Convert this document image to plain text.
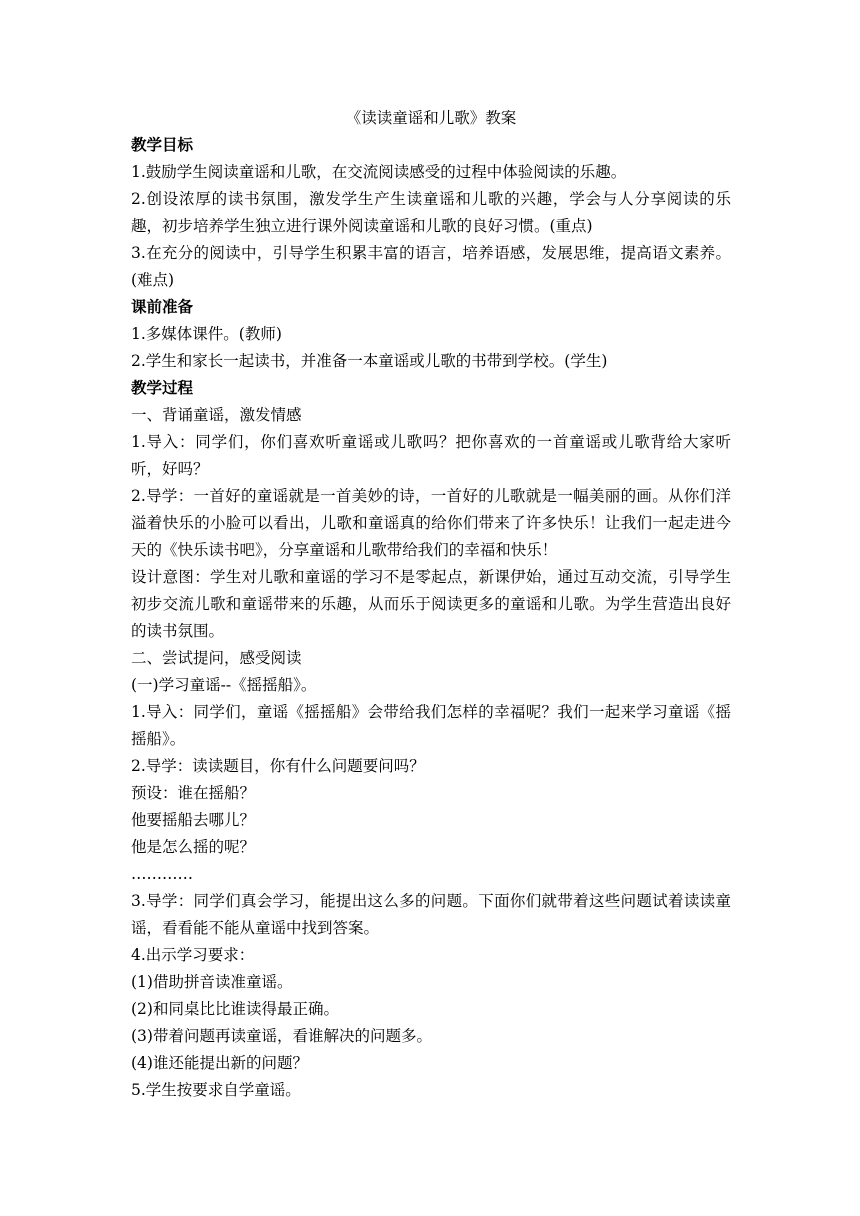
《读读童谣和儿歌》教案
教学目标
1.鼓励学生阅读童谣和儿歌，在交流阅读感受的过程中体验阅读的乐趣。
2.创设浓厚的读书氛围，激发学生产生读童谣和儿歌的兴趣，学会与人分享阅读的乐趣，初步培养学生独立进行课外阅读童谣和儿歌的良好习惯。(重点)
3.在充分的阅读中，引导学生积累丰富的语言，培养语感，发展思维，提高语文素养。(难点)
课前准备
1.多媒体课件。(教师)
2.学生和家长一起读书，并准备一本童谣或儿歌的书带到学校。(学生)
教学过程
一、背诵童谣，激发情感
1.导入：同学们，你们喜欢听童谣或儿歌吗？把你喜欢的一首童谣或儿歌背给大家听听，好吗？
2.导学：一首好的童谣就是一首美妙的诗，一首好的儿歌就是一幅美丽的画。从你们洋溢着快乐的小脸可以看出，儿歌和童谣真的给你们带来了许多快乐！让我们一起走进今天的《快乐读书吧》，分享童谣和儿歌带给我们的幸福和快乐！
设计意图：学生对儿歌和童谣的学习不是零起点，新课伊始，通过互动交流，引导学生初步交流儿歌和童谣带来的乐趣，从而乐于阅读更多的童谣和儿歌。为学生营造出良好的读书氛围。
二、尝试提问，感受阅读
(一)学习童谣--《摇摇船》。
1.导入：同学们，童谣《摇摇船》会带给我们怎样的幸福呢？我们一起来学习童谣《摇摇船》。
2.导学：读读题目，你有什么问题要问吗？
预设：谁在摇船？
他要摇船去哪儿？
他是怎么摇的呢？
…………
3.导学：同学们真会学习，能提出这么多的问题。下面你们就带着这些问题试着读读童谣，看看能不能从童谣中找到答案。
4.出示学习要求：
(1)借助拼音读准童谣。
(2)和同桌比比谁读得最正确。
(3)带着问题再读童谣，看谁解决的问题多。
(4)谁还能提出新的问题？
5.学生按要求自学童谣。
